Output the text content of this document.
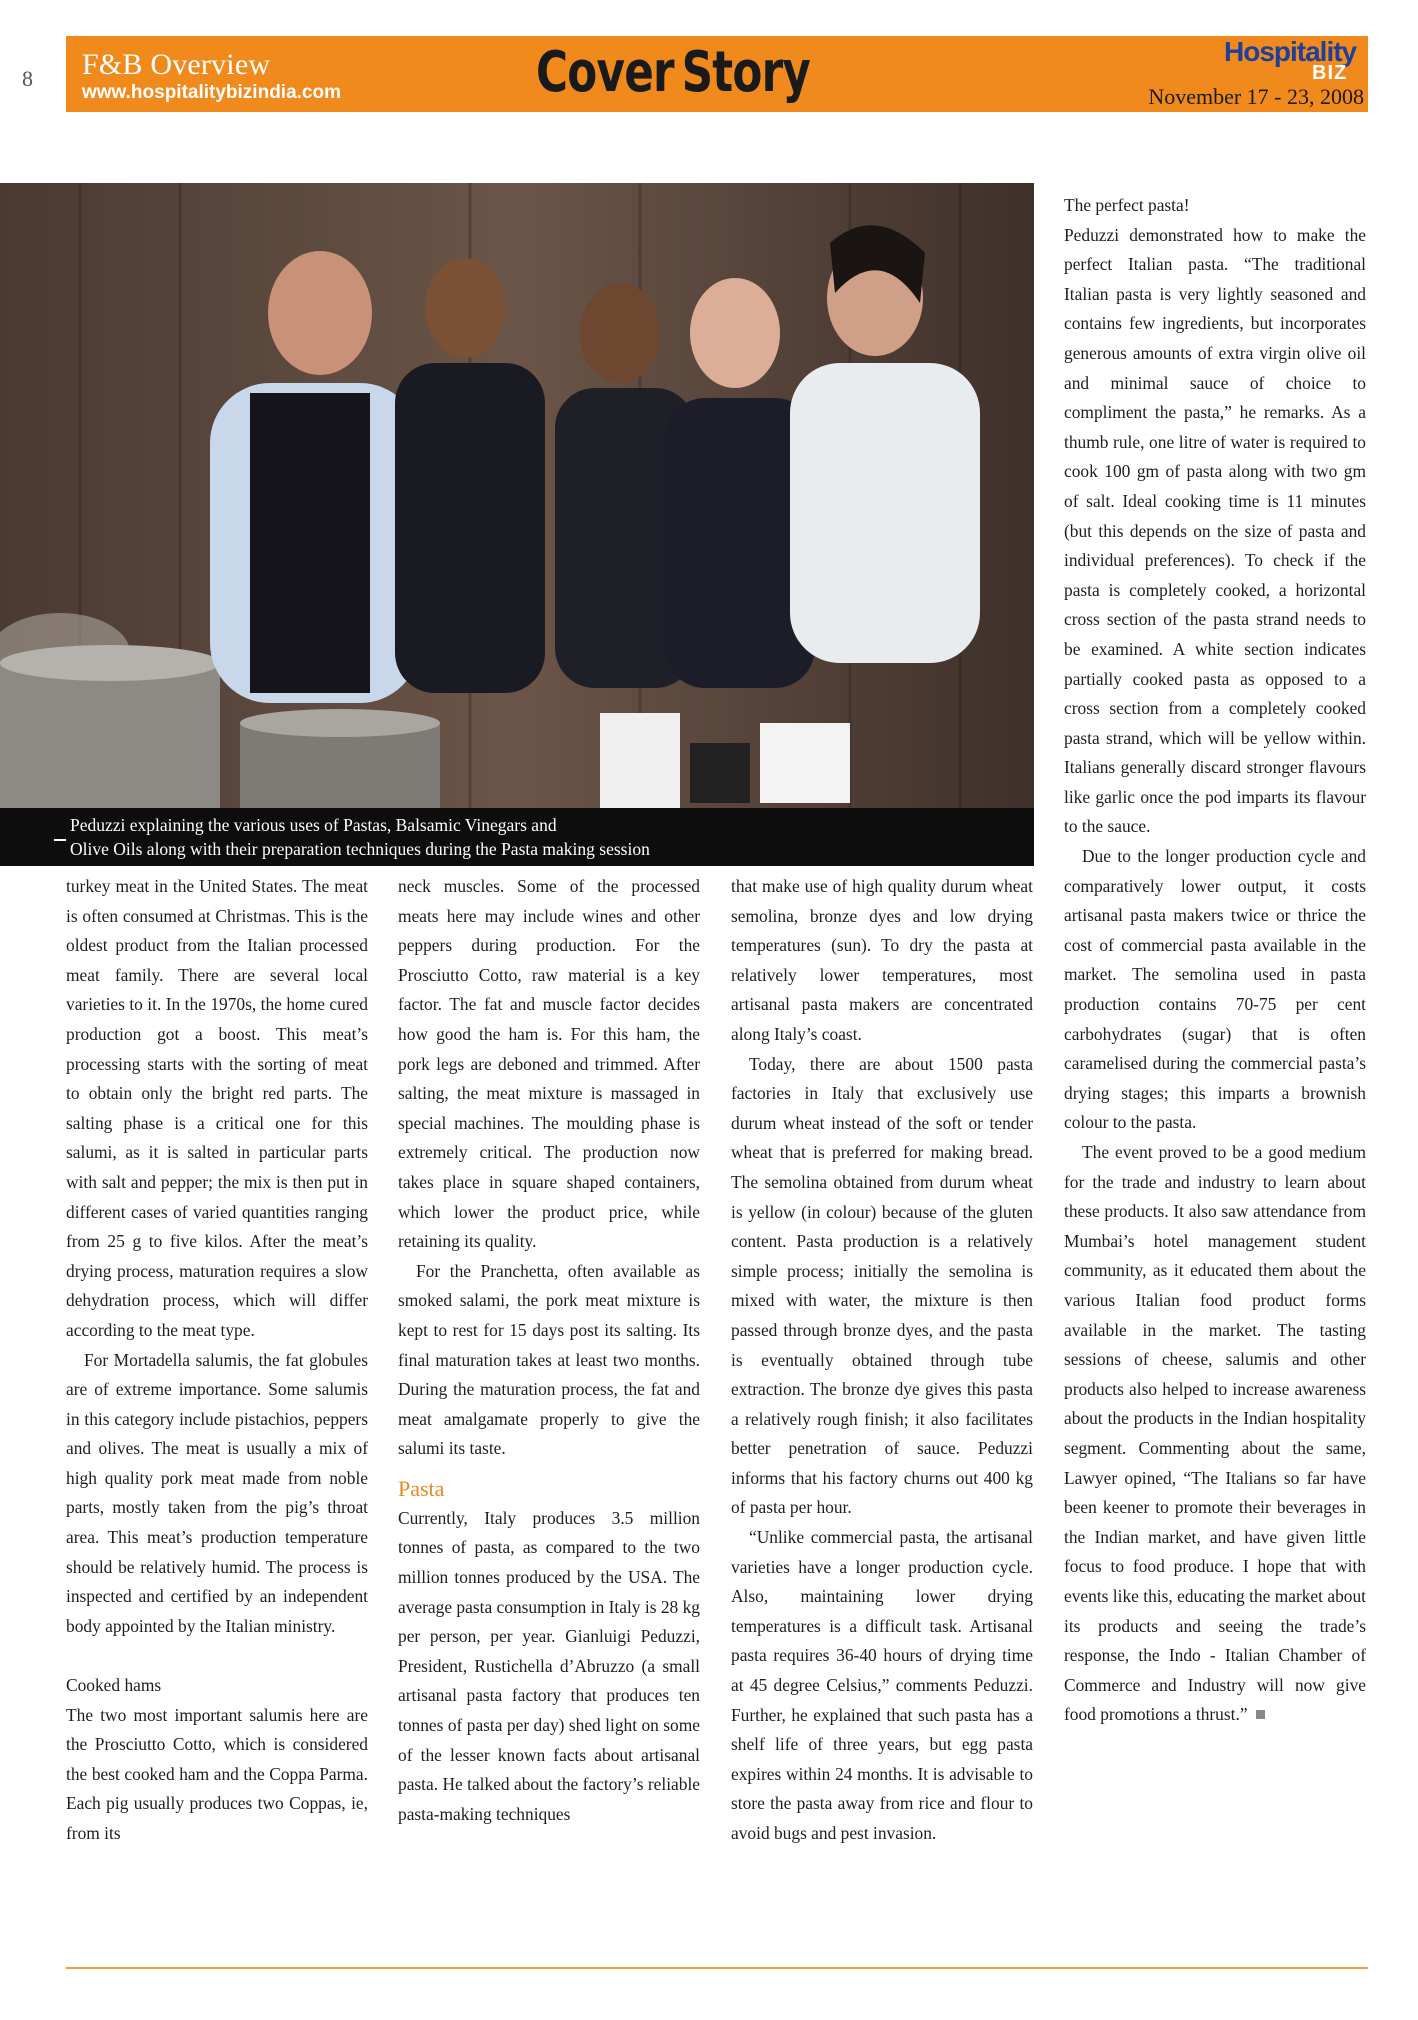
8 F&B Overview
www.hospitalitybizindia.com	Cover Story	Hospitality
BIZ
November 17 - 23, 2008
Peduzzi explaining the various uses of Pastas, Balsamic Vinegars and
Olive Oils along with their preparation techniques during the Pasta making session

turkey meat in the United States. The meat is often consumed at Christmas. This is the oldest product from the Italian processed meat family. There are several local varieties to it. In the 1970s, the home cured production got a boost. This meat’s processing starts with the sorting of meat to obtain only the bright red parts. The salting phase is a critical one for this salumi, as it is salted in particular parts with salt and pepper; the mix is then put in different cases of varied quantities ranging from 25 g to five kilos. After the meat’s drying process, maturation requires a slow dehydration process, which will differ according to the meat type.

For Mortadella salumis, the fat globules are of extreme importance. Some salumis in this category include pistachios, peppers and olives. The meat is usually a mix of high quality pork meat made from noble parts, mostly taken from the pig’s throat area. This meat’s production temperature should be relatively humid. The process is inspected and certified by an independent body appointed by the Italian ministry.

Cooked hams

The two most important salumis here are the Prosciutto Cotto, which is considered the best cooked ham and the Coppa Parma. Each pig usually produces two Coppas, ie, from its

neck muscles. Some of the processed meats here may include wines and other peppers during production. For the Prosciutto Cotto, raw material is a key factor. The fat and muscle factor decides how good the ham is. For this ham, the pork legs are deboned and trimmed. After salting, the meat mixture is massaged in special machines. The moulding phase is extremely critical. The production now takes place in square shaped containers, which lower the product price, while retaining its quality.

For the Pranchetta, often available as smoked salami, the pork meat mixture is kept to rest for 15 days post its salting. Its final maturation takes at least two months. During the maturation process, the fat and meat amalgamate properly to give the salumi its taste.

Pasta

Currently, Italy produces 3.5 million tonnes of pasta, as compared to the two million tonnes produced by the USA. The average pasta consumption in Italy is 28 kg per person, per year. Gianluigi Peduzzi, President, Rustichella d’Abruzzo (a small artisanal pasta factory that produces ten tonnes of pasta per day) shed light on some of the lesser known facts about artisanal pasta. He talked about the factory’s reliable pasta-making techniques

that make use of high quality durum wheat semolina, bronze dyes and low drying temperatures (sun). To dry the pasta at relatively lower temperatures, most artisanal pasta makers are concentrated along Italy’s coast.

Today, there are about 1500 pasta factories in Italy that exclusively use durum wheat instead of the soft or tender wheat that is preferred for making bread. The semolina obtained from durum wheat is yellow (in colour) because of the gluten content. Pasta production is a relatively simple process; initially the semolina is mixed with water, the mixture is then passed through bronze dyes, and the pasta is eventually obtained through tube extraction. The bronze dye gives this pasta a relatively rough finish; it also facilitates better penetration of sauce. Peduzzi informs that his factory churns out 400 kg of pasta per hour.

“Unlike commercial pasta, the artisanal varieties have a longer production cycle. Also, maintaining lower drying temperatures is a difficult task. Artisanal pasta requires 36-40 hours of drying time at 45 degree Celsius,” comments Peduzzi. Further, he explained that such pasta has a shelf life of three years, but egg pasta expires within 24 months. It is advisable to store the pasta away from rice and flour to avoid bugs and pest invasion.

The perfect pasta!

Peduzzi demonstrated how to make the perfect Italian pasta. “The traditional Italian pasta is very lightly seasoned and contains few ingredients, but incorporates generous amounts of extra virgin olive oil and minimal sauce of choice to compliment the pasta,” he remarks. As a thumb rule, one litre of water is required to cook 100 gm of pasta along with two gm of salt. Ideal cooking time is 11 minutes (but this depends on the size of pasta and individual preferences). To check if the pasta is completely cooked, a horizontal cross section of the pasta strand needs to be examined. A white section indicates partially cooked pasta as opposed to a cross section from a completely cooked pasta strand, which will be yellow within. Italians generally discard stronger flavours like garlic once the pod imparts its flavour to the sauce.

Due to the longer production cycle and comparatively lower output, it costs artisanal pasta makers twice or thrice the cost of commercial pasta available in the market. The semolina used in pasta production contains 70-75 per cent carbohydrates (sugar) that is often caramelised during the commercial pasta’s drying stages; this imparts a brownish colour to the pasta.

The event proved to be a good medium for the trade and industry to learn about these products. It also saw attendance from Mumbai’s hotel management student community, as it educated them about the various Italian food product forms available in the market. The tasting sessions of cheese, salumis and other products also helped to increase awareness about the products in the Indian hospitality segment. Commenting about the same, Lawyer opined, “The Italians so far have been keener to promote their beverages in the Indian market, and have given little focus to food produce. I hope that with events like this, educating the market about its products and seeing the trade’s response, the Indo - Italian Chamber of Commerce and Industry will now give food promotions a thrust.”
